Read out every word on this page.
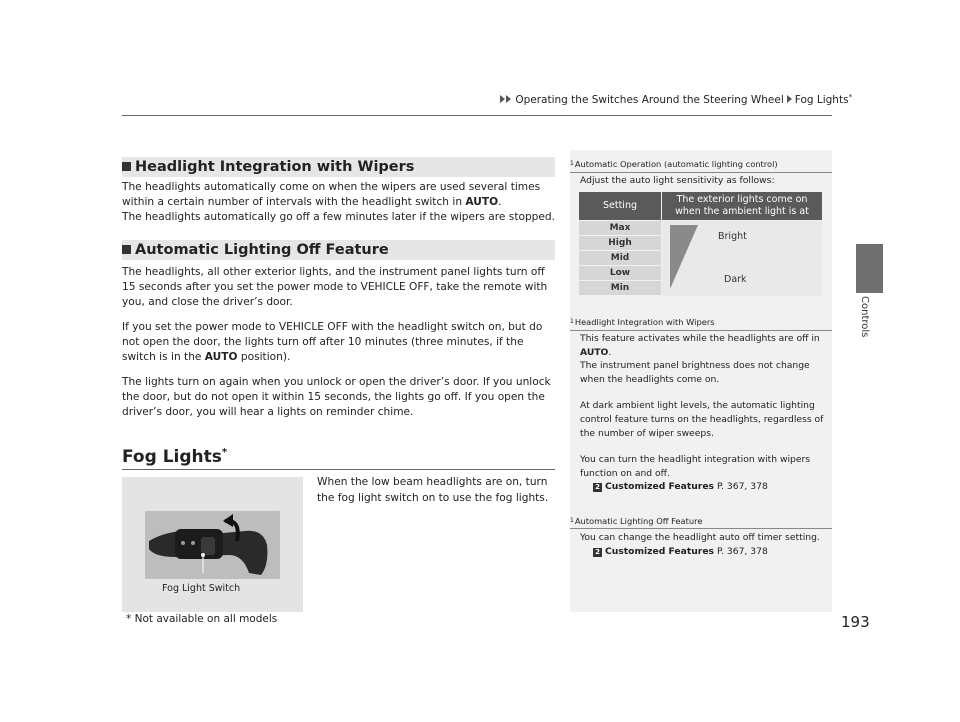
Operating the Switches Around the Steering Wheel Fog Lights*
Controls
Headlight Integration with Wipers

The headlights automatically come on when the wipers are used several times within a certain number of intervals with the headlight switch in AUTO.

The headlights automatically go off a few minutes later if the wipers are stopped.

Automatic Lighting Off Feature

The headlights, all other exterior lights, and the instrument panel lights turn off 15 seconds after you set the power mode to VEHICLE OFF, take the remote with you, and close the driver’s door.

If you set the power mode to VEHICLE OFF with the headlight switch on, but do not open the door, the lights turn off after 10 minutes (three minutes, if the switch is in the AUTO position).

The lights turn on again when you unlock or open the driver’s door. If you unlock the door, but do not open it within 15 seconds, the lights go off. If you open the driver’s door, you will hear a lights on reminder chime.

Fog Lights*
When the low beam headlights are on, turn the fog light switch on to use the fog lights.
Fog Light Switch
* Not available on all models
$^1$Automatic Operation (automatic lighting control)
Adjust the auto light sensitivity as follows:
Setting
The exterior lights come on
when the ambient light is at
Max
High
Mid
Low
Min
Bright
Dark
$^1$Headlight Integration with Wipers

This feature activates while the headlights are off in AUTO.

The instrument panel brightness does not change when the headlights come on.

At dark ambient light levels, the automatic lighting control feature turns on the headlights, regardless of the number of wiper sweeps.

You can turn the headlight integration with wipers function on and off.

2 Customized Features P. 367, 378

$^1$Automatic Lighting Off Feature

You can change the headlight auto off timer setting.

2 Customized Features P. 367, 378

193
